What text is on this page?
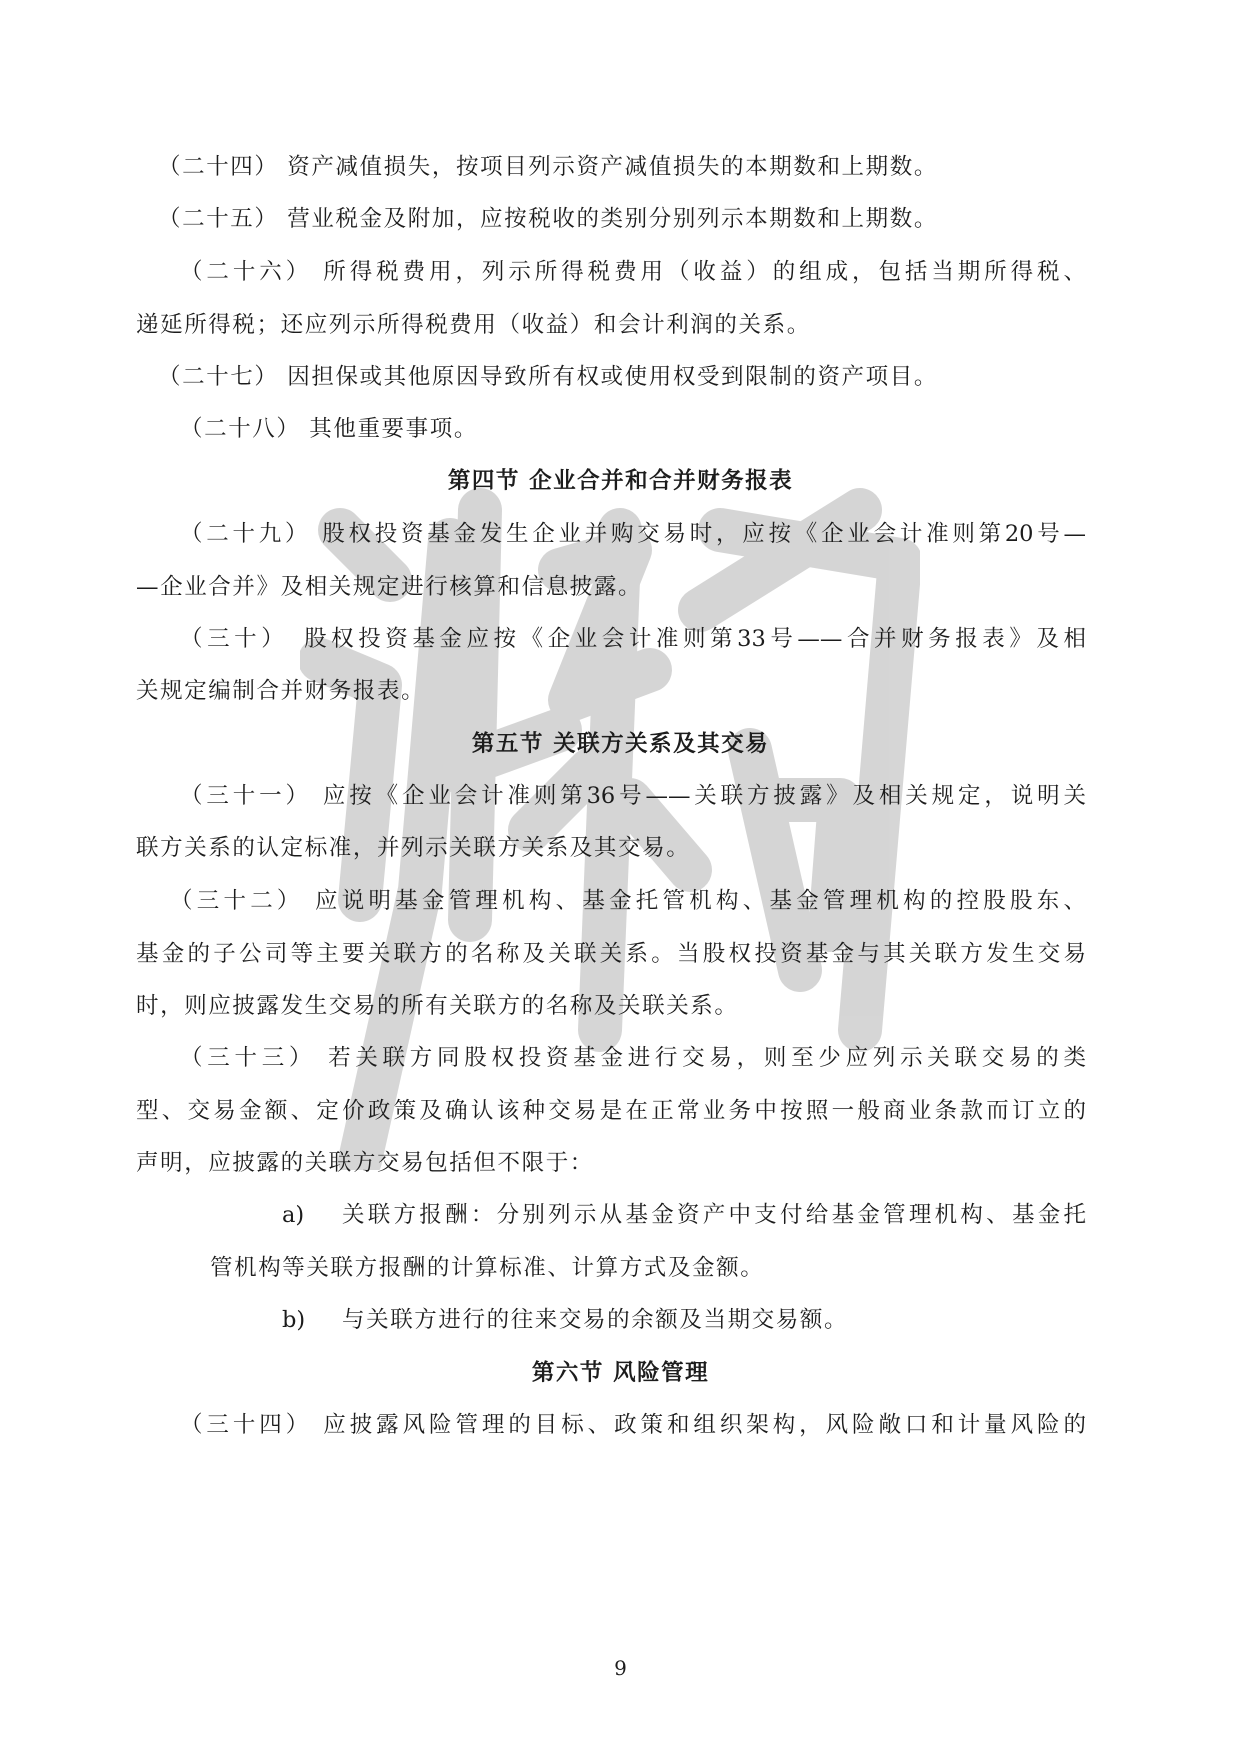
（二十四） 资产减值损失，按项目列示资产减值损失的本期数和上期数。
（二十五） 营业税金及附加，应按税收的类别分别列示本期数和上期数。
（二十六） 所得税费用，列示所得税费用（收益）的组成，包括当期所得税、
递延所得税；还应列示所得税费用（收益）和会计利润的关系。
（二十七） 因担保或其他原因导致所有权或使用权受到限制的资产项目。
（二十八） 其他重要事项。
第四节 企业合并和合并财务报表
（二十九） 股权投资基金发生企业并购交易时，应按《企业会计准则第20号—
—企业合并》及相关规定进行核算和信息披露。
（三十）　股权投资基金应按《企业会计准则第33号——合并财务报表》及相
关规定编制合并财务报表。
第五节 关联方关系及其交易
（三十一） 应按《企业会计准则第36号——关联方披露》及相关规定，说明关
联方关系的认定标准，并列示关联方关系及其交易。
（三十二） 应说明基金管理机构、基金托管机构、基金管理机构的控股股东、
基金的子公司等主要关联方的名称及关联关系。当股权投资基金与其关联方发生交易
时，则应披露发生交易的所有关联方的名称及关联关系。
（三十三） 若关联方同股权投资基金进行交易，则至少应列示关联交易的类
型、交易金额、定价政策及确认该种交易是在正常业务中按照一般商业条款而订立的
声明，应披露的关联方交易包括但不限于：
a) 关联方报酬：分别列示从基金资产中支付给基金管理机构、基金托
管机构等关联方报酬的计算标准、计算方式及金额。
b) 与关联方进行的往来交易的余额及当期交易额。
第六节 风险管理
（三十四） 应披露风险管理的目标、政策和组织架构，风险敞口和计量风险的
9
